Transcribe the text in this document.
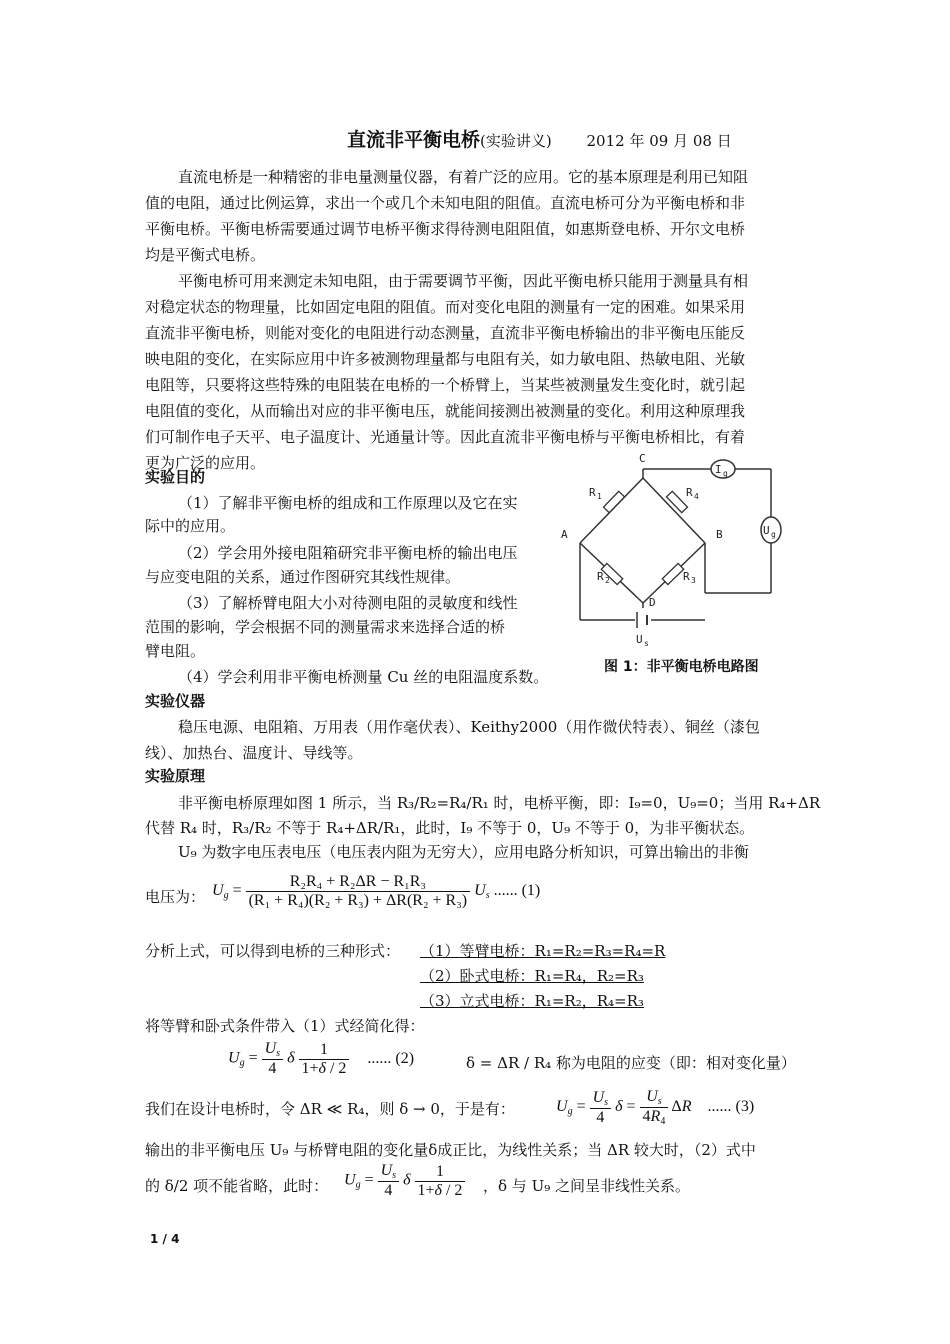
直流非平衡电桥(实验讲义) 2012 年 09 月 08 日
直流电桥是一种精密的非电量测量仪器，有着广泛的应用。它的基本原理是利用已知阻
值的电阻，通过比例运算，求出一个或几个未知电阻的阻值。直流电桥可分为平衡电桥和非
平衡电桥。平衡电桥需要通过调节电桥平衡求得待测电阻阻值，如惠斯登电桥、开尔文电桥
均是平衡式电桥。
平衡电桥可用来测定未知电阻，由于需要调节平衡，因此平衡电桥只能用于测量具有相
对稳定状态的物理量，比如固定电阻的阻值。而对变化电阻的测量有一定的困难。如果采用
直流非平衡电桥，则能对变化的电阻进行动态测量，直流非平衡电桥输出的非平衡电压能反
映电阻的变化，在实际应用中许多被测物理量都与电阻有关，如力敏电阻、热敏电阻、光敏
电阻等，只要将这些特殊的电阻装在电桥的一个桥臂上，当某些被测量发生变化时，就引起
电阻值的变化，从而输出对应的非平衡电压，就能间接测出被测量的变化。利用这种原理我
们可制作电子天平、电子温度计、光通量计等。因此直流非平衡电桥与平衡电桥相比，有着
更为广泛的应用。
实验目的
（1）了解非平衡电桥的组成和工作原理以及它在实
际中的应用。
（2）学会用外接电阻箱研究非平衡电桥的输出电压
与应变电阻的关系，通过作图研究其线性规律。
（3）了解桥臂电阻大小对待测电阻的灵敏度和线性
范围的影响，学会根据不同的测量需求来选择合适的桥
臂电阻。
（4）学会利用非平衡电桥测量 Cu 丝的电阻温度系数。
C
A	B
D
R 1	R 4
R 2	R 3
I g
U g
U s
图 1：非平衡电桥电路图
实验仪器
稳压电源、电阻箱、万用表（用作毫伏表）、Keithy2000（用作微伏特表）、铜丝（漆包
线）、加热台、温度计、导线等。
实验原理
非平衡电桥原理如图 1 所示，当 R₃/R₂=R₄/R₁ 时，电桥平衡，即：I₉=0，U₉=0；当用 R₄+ΔR
代替 R₄ 时，R₃/R₂ 不等于 R₄+ΔR/R₁，此时，I₉ 不等于 0，U₉ 不等于 0，为非平衡状态。
U₉ 为数字电压表电压（电压表内阻为无穷大），应用电路分析知识，可算出输出的非衡
电压为： $U_g = \frac{\text{R₂R₄ + R₂ΔR − R₁R₃}}{\text{(R₁ + R₄)(R₂ + R₃) + ΔR(R₂ + R₃)}} U_s$ ...... (1)
分析上式，可以得到电桥的三种形式： （1）等臂电桥：R₁=R₂=R₃=R₄=R
（2）卧式电桥：R₁=R₄，R₂=R₃
（3）立式电桥：R₁=R₂，R₄=R₃
将等臂和卧式条件带入（1）式经简化得：
$U_g = \frac{U_s}{4}$ δ $\frac{1}{1+\delta / 2}$ ...... (2)	δ = ΔR / R₄ 称为电阻的应变（即：相对变化量）
我们在设计电桥时，令 ΔR ≪ R₄，则 δ → 0，于是有：	$U_g = \frac{U_s}{4}$ $\delta = \frac{U_s}{4R_4}$ ΔR ...... (3)
输出的非平衡电压 U₉ 与桥臂电阻的变化量δ成正比，为线性关系；当 ΔR 较大时，（2）式中
的 δ/2 项不能省略，此时： $U_g = \frac{U_s}{4}$ δ $\frac{1}{1+\delta / 2}$ ，δ 与 U₉ 之间呈非线性关系。
1 / 4
